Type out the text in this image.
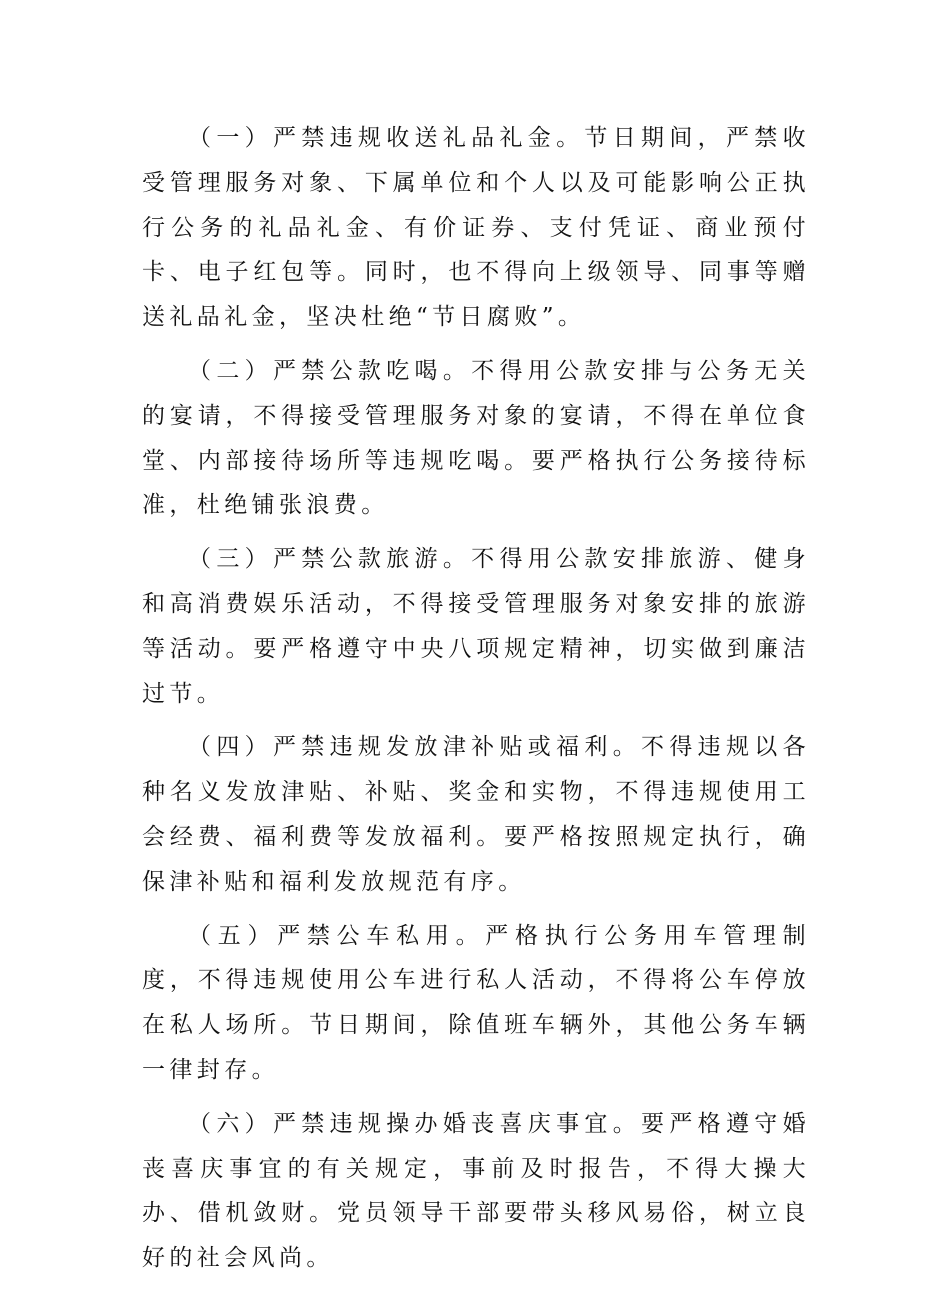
（一）严禁违规收送礼品礼金。节日期间，严禁收受管理服务对象、下属单位和个人以及可能影响公正执行公务的礼品礼金、有价证券、支付凭证、商业预付卡、电子红包等。同时，也不得向上级领导、同事等赠送礼品礼金，坚决杜绝“节日腐败”。

（二）严禁公款吃喝。不得用公款安排与公务无关的宴请，不得接受管理服务对象的宴请，不得在单位食堂、内部接待场所等违规吃喝。要严格执行公务接待标准，杜绝铺张浪费。

（三）严禁公款旅游。不得用公款安排旅游、健身和高消费娱乐活动，不得接受管理服务对象安排的旅游等活动。要严格遵守中央八项规定精神，切实做到廉洁过节。

（四）严禁违规发放津补贴或福利。不得违规以各种名义发放津贴、补贴、奖金和实物，不得违规使用工会经费、福利费等发放福利。要严格按照规定执行，确保津补贴和福利发放规范有序。

（五）严禁公车私用。严格执行公务用车管理制度，不得违规使用公车进行私人活动，不得将公车停放在私人场所。节日期间，除值班车辆外，其他公务车辆一律封存。

（六）严禁违规操办婚丧喜庆事宜。要严格遵守婚丧喜庆事宜的有关规定，事前及时报告，不得大操大办、借机敛财。党员领导干部要带头移风易俗，树立良好的社会风尚。
